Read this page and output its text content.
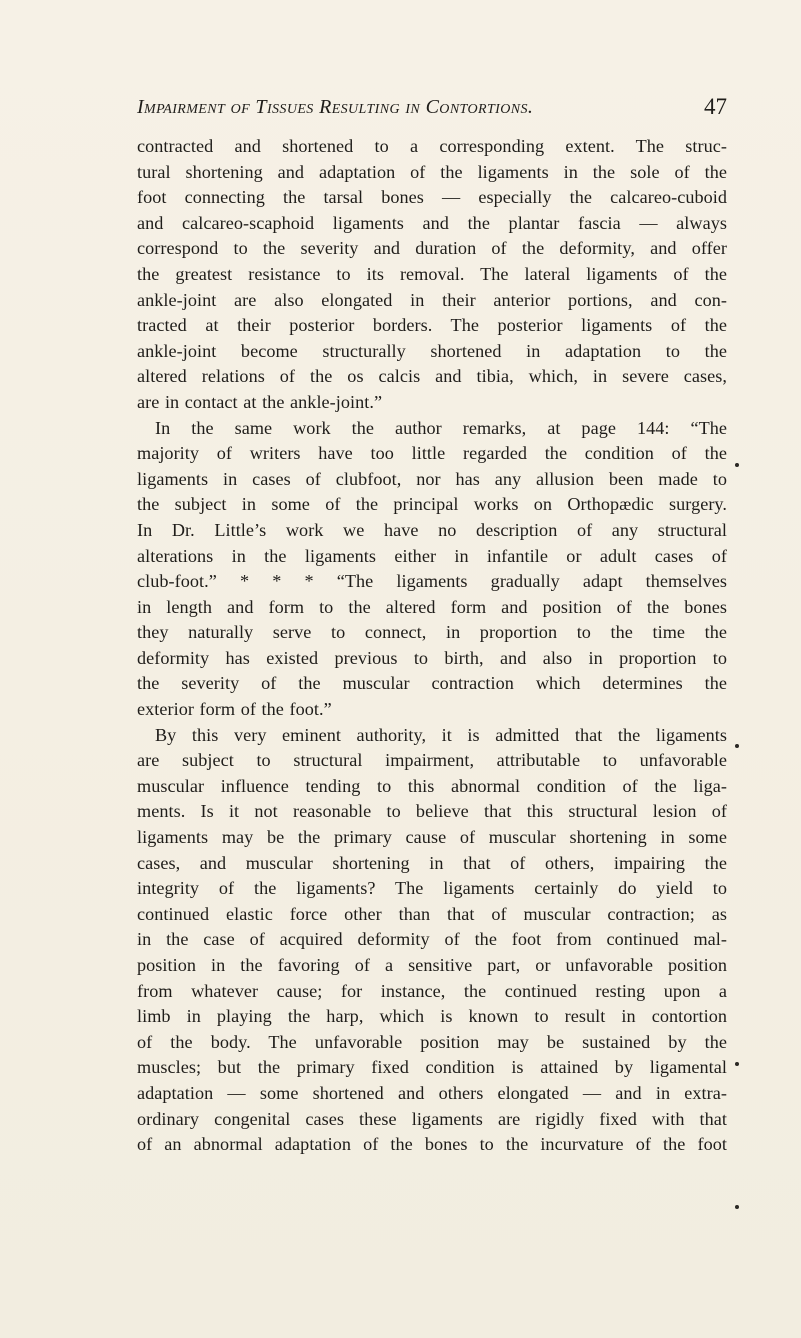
Impairment of Tissues Resulting in Contortions.	47
contracted and shortened to a corresponding extent. The struc-
tural shortening and adaptation of the ligaments in the sole of the
foot connecting the tarsal bones — especially the calcareo-cuboid
and calcareo-scaphoid ligaments and the plantar fascia — always
correspond to the severity and duration of the deformity, and offer
the greatest resistance to its removal. The lateral ligaments of the
ankle-joint are also elongated in their anterior portions, and con-
tracted at their posterior borders. The posterior ligaments of the
ankle-joint become structurally shortened in adaptation to the
altered relations of the os calcis and tibia, which, in severe cases,
are in contact at the ankle-joint.”
In the same work the author remarks, at page 144: “The
majority of writers have too little regarded the condition of the
ligaments in cases of clubfoot, nor has any allusion been made to
the subject in some of the principal works on Orthopædic surgery.
In Dr. Little’s work we have no description of any structural
alterations in the ligaments either in infantile or adult cases of
club-foot.” * * * “The ligaments gradually adapt themselves
in length and form to the altered form and position of the bones
they naturally serve to connect, in proportion to the time the
deformity has existed previous to birth, and also in proportion to
the severity of the muscular contraction which determines the
exterior form of the foot.”
By this very eminent authority, it is admitted that the ligaments
are subject to structural impairment, attributable to unfavorable
muscular influence tending to this abnormal condition of the liga-
ments. Is it not reasonable to believe that this structural lesion of
ligaments may be the primary cause of muscular shortening in some
cases, and muscular shortening in that of others, impairing the
integrity of the ligaments? The ligaments certainly do yield to
continued elastic force other than that of muscular contraction; as
in the case of acquired deformity of the foot from continued mal-
position in the favoring of a sensitive part, or unfavorable position
from whatever cause; for instance, the continued resting upon a
limb in playing the harp, which is known to result in contortion
of the body. The unfavorable position may be sustained by the
muscles; but the primary fixed condition is attained by ligamental
adaptation — some shortened and others elongated — and in extra-
ordinary congenital cases these ligaments are rigidly fixed with that
of an abnormal adaptation of the bones to the incurvature of the foot
